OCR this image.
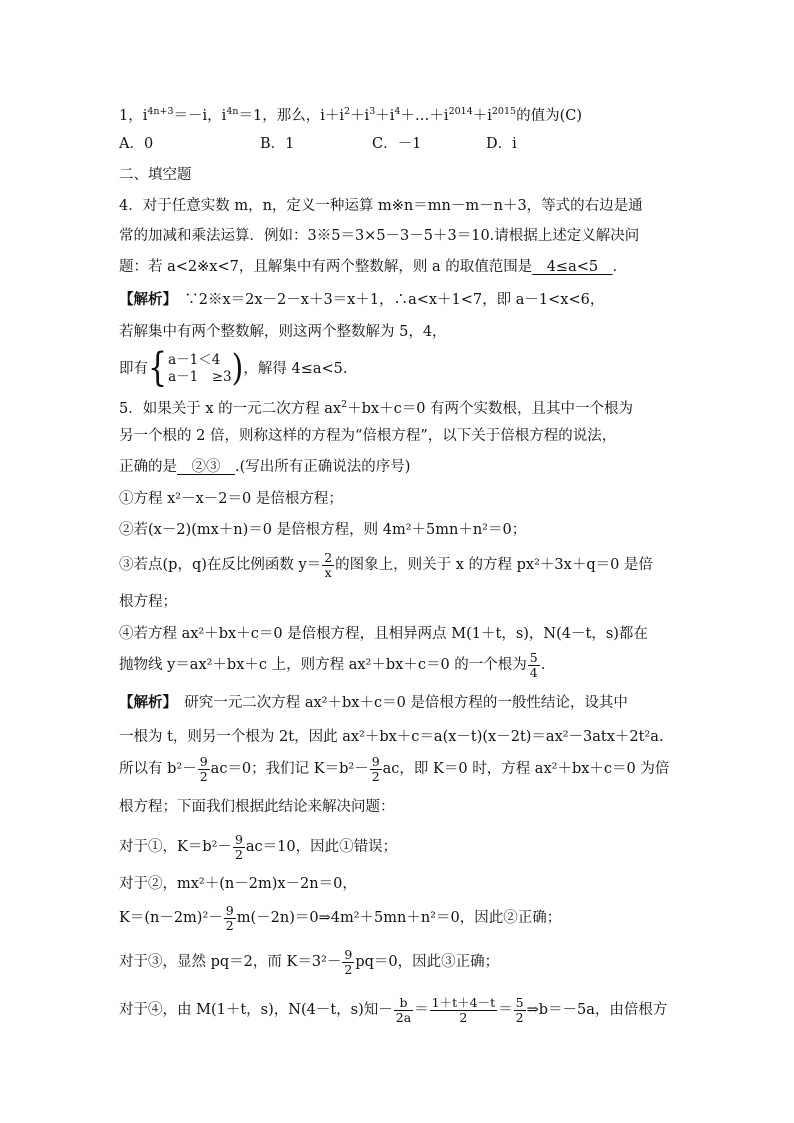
1，$i^{4n+3}=-i$，$i^{4n}=1$，那么，$i+i^2+i^3+i^4+\dots+i^{2014}+i^{2015}$的值为(C)
A．0	B．1	C．－1	D．i
二、填空题
4．对于任意实数 m，n，定义一种运算 m※n＝mn－m－n＋3，等式的右边是通
常的加减和乘法运算．例如：3※5＝3×5－3－5＋3＝10.请根据上述定义解决问
题：若 a<2※x<7，且解集中有两个整数解，则 a 的取值范围是　4≤a<5　．
【解析】　∵2※x＝2x－2－x＋3＝x＋1，∴a<x＋1<7，即 a－1<x<6，
若解集中有两个整数解，则这两个整数解为 5，4，
即有{ a－1＜4
a－1　≥3 )，解得 4≤a<5.
5．如果关于 x 的一元二次方程 $ax^2+bx+c=0$ 有两个实数根，且其中一个根为
另一个根的 2 倍，则称这样的方程为“倍根方程”，以下关于倍根方程的说法，
正确的是　②③　.(写出所有正确说法的序号)
①方程 x²－x－2＝0 是倍根方程；
②若(x－2)(mx＋n)＝0 是倍根方程，则 4m²＋5mn＋n²＝0；
③若点(p，q)在反比例函数 $y= \frac{2}{x}$ 的图象上，则关于 x 的方程 px²＋3x＋q＝0 是倍
根方程；
④若方程 ax²＋bx＋c＝0 是倍根方程，且相异两点 M(1＋t，s)，N(4－t，s)都在
抛物线 y＝ax²＋bx＋c 上，则方程 ax²＋bx＋c＝0 的一个根为 $\frac{5}{4}$ .
【解析】　研究一元二次方程 ax²＋bx＋c＝0 是倍根方程的一般性结论，设其中
一根为 t，则另一个根为 2t，因此 ax²＋bx＋c＝a(x－t)(x－2t)＝ax²－3atx＋2t²a.
所以有 $b^2- \frac{9}{2} ac=0$；我们记 $K=b^2- \frac{9}{2}$ ac，即 K＝0 时，方程 ax²＋bx＋c＝0 为倍
根方程；下面我们根据此结论来解决问题：
对于①，$K=b^2- \frac{9}{2} ac=10$，因此①错误；
对于②，mx²＋(n－2m)x－2n＝0，
$K=(n-2m)^2- \frac{9}{2}$ m(－2n)＝0⇒4m²＋5mn＋n²＝0，因此②正确；
对于③，显然 pq＝2，而 $K=3^2- \frac{9}{2} pq=0$，因此③正确；
对于④，由 M(1＋t，s)，N(4－t，s)知－ $\frac{b}{2a} = \frac{1+t+4-t}{2} = \frac{5}{2}$ ⇒b＝－5a，由倍根方
